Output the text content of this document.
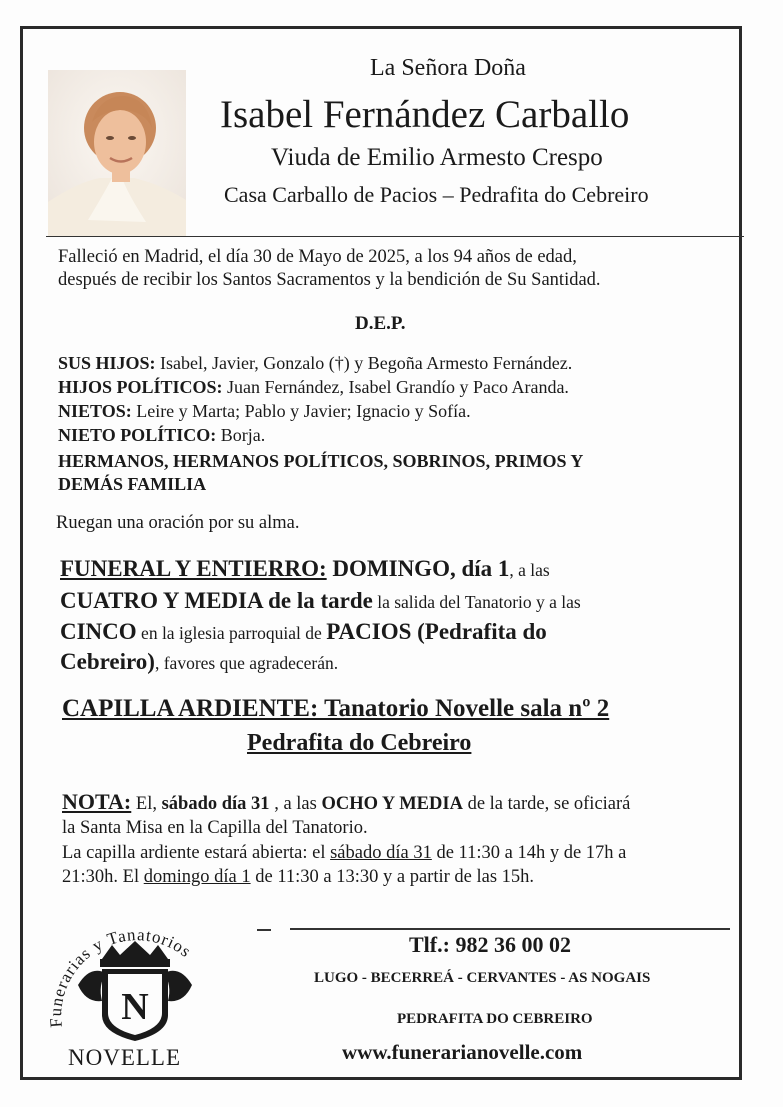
La Señora Doña
Isabel Fernández Carballo
Viuda de Emilio Armesto Crespo
Casa Carballo de Pacios – Pedrafita do Cebreiro
Falleció en Madrid, el día 30 de Mayo de 2025, a los 94 años de edad,
después de recibir los Santos Sacramentos y la bendición de Su Santidad.
D.E.P.
SUS HIJOS: Isabel, Javier, Gonzalo (†) y Begoña Armesto Fernández.
HIJOS POLÍTICOS: Juan Fernández, Isabel Grandío y Paco Aranda.
NIETOS: Leire y Marta; Pablo y Javier; Ignacio y Sofía.
NIETO POLÍTICO: Borja.
HERMANOS, HERMANOS POLÍTICOS, SOBRINOS, PRIMOS Y
DEMÁS FAMILIA
Ruegan una oración por su alma.
FUNERAL Y ENTIERRO: DOMINGO, día 1, a las
CUATRO Y MEDIA de la tarde la salida del Tanatorio y a las
CINCO en la iglesia parroquial de PACIOS (Pedrafita do
Cebreiro), favores que agradecerán.
CAPILLA ARDIENTE: Tanatorio Novelle sala nº 2
Pedrafita do Cebreiro
NOTA: El, sábado día 31 , a las OCHO Y MEDIA de la tarde, se oficiará
la Santa Misa en la Capilla del Tanatorio.
La capilla ardiente estará abierta: el sábado día 31 de 11:30 a 14h y de 17h a
21:30h. El domingo día 1 de 11:30 a 13:30 y a partir de las 15h.
Funerarias y Tanatorios
N
NOVELLE
Tlf.: 982 36 00 02
LUGO - BECERREÁ - CERVANTES - AS NOGAIS
PEDRAFITA DO CEBREIRO
www.funerarianovelle.com
